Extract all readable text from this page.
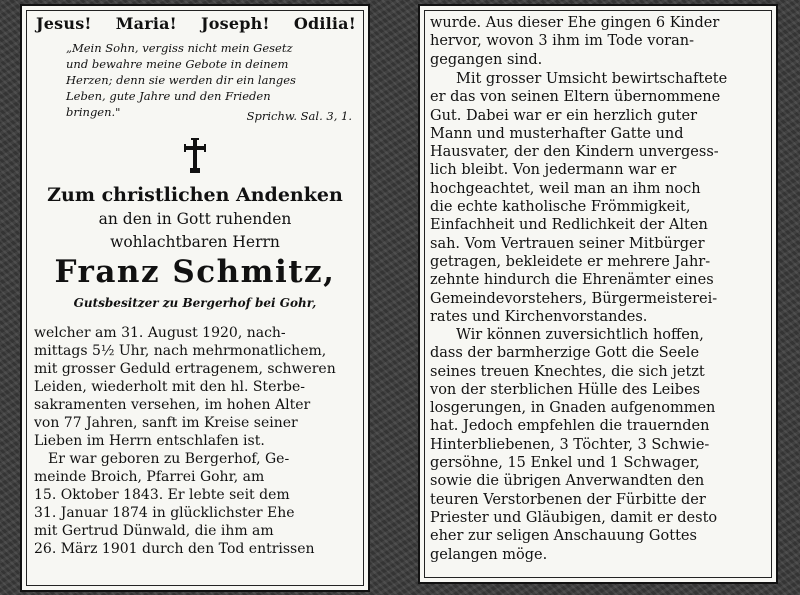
Jesus! Maria! Joseph! Odilia!
„Mein Sohn, vergiss nicht mein Gesetz
und bewahre meine Gebote in deinem
Herzen; denn sie werden dir ein langes
Leben, gute Jahre und den Frieden
bringen."	Sprichw. Sal. 3, 1.
Zum christlichen Andenken
an den in Gott ruhenden
wohlachtbaren Herrn
Franz Schmitz,
Gutsbesitzer zu Bergerhof bei Gohr,
welcher am 31. August 1920, nach-
mittags 5½ Uhr, nach mehrmonatlichem,
mit grosser Geduld ertragenem, schweren
Leiden, wiederholt mit den hl. Sterbe-
sakramenten versehen, im hohen Alter
von 77 Jahren, sanft im Kreise seiner
Lieben im Herrn entschlafen ist.
Er war geboren zu Bergerhof, Ge-
meinde Broich, Pfarrei Gohr, am
15. Oktober 1843. Er lebte seit dem
31. Januar 1874 in glücklichster Ehe
mit Gertrud Dünwald, die ihm am
26. März 1901 durch den Tod entrissen
wurde. Aus dieser Ehe gingen 6 Kinder
hervor, wovon 3 ihm im Tode voran-
gegangen sind.
Mit grosser Umsicht bewirtschaftete
er das von seinen Eltern übernommene
Gut. Dabei war er ein herzlich guter
Mann und musterhafter Gatte und
Hausvater, der den Kindern unvergess-
lich bleibt. Von jedermann war er
hochgeachtet, weil man an ihm noch
die echte katholische Frömmigkeit,
Einfachheit und Redlichkeit der Alten
sah. Vom Vertrauen seiner Mitbürger
getragen, bekleidete er mehrere Jahr-
zehnte hindurch die Ehrenämter eines
Gemeindevorstehers, Bürgermeisterei-
rates und Kirchenvorstandes.
Wir können zuversichtlich hoffen,
dass der barmherzige Gott die Seele
seines treuen Knechtes, die sich jetzt
von der sterblichen Hülle des Leibes
losgerungen, in Gnaden aufgenommen
hat. Jedoch empfehlen die trauernden
Hinterbliebenen, 3 Töchter, 3 Schwie-
gersöhne, 15 Enkel und 1 Schwager,
sowie die übrigen Anverwandten den
teuren Verstorbenen der Fürbitte der
Priester und Gläubigen, damit er desto
eher zur seligen Anschauung Gottes
gelangen möge.
